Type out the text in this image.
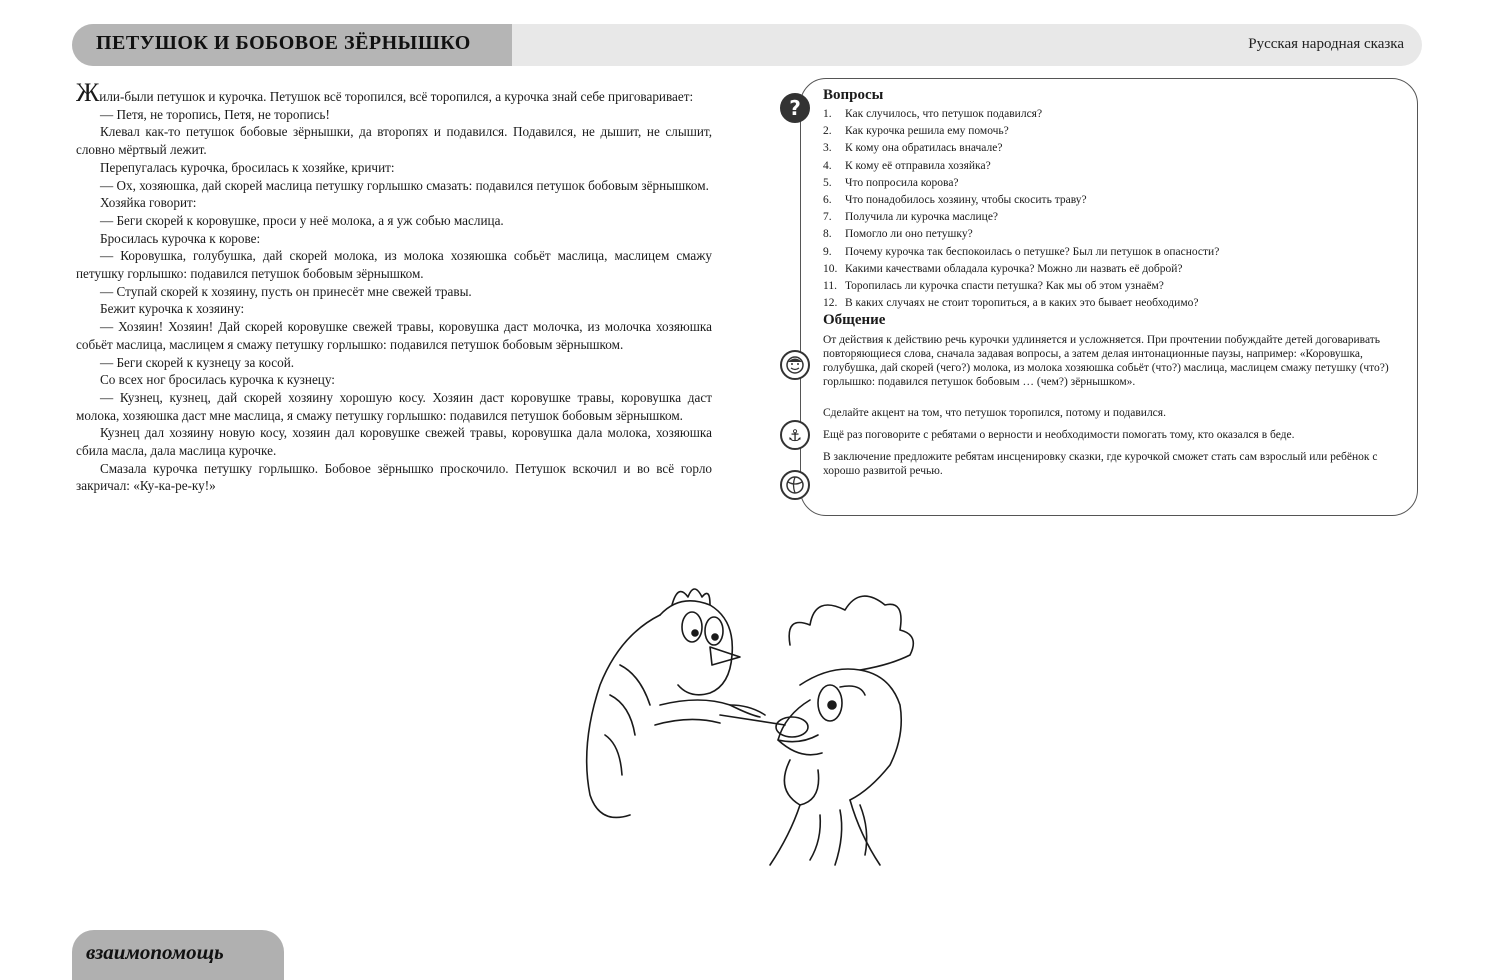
ПЕТУШОК И БОБОВОЕ ЗЁРНЫШКО	Русская народная сказка

Жили-были петушок и курочка. Петушок всё торопился, всё торопился, а курочка знай себе приговаривает:

— Петя, не торопись, Петя, не торопись!

Клевал как-то петушок бобовые зёрнышки, да второпях и подавился. Подавился, не дышит, не слышит, словно мёртвый лежит.

Перепугалась курочка, бросилась к хозяйке, кричит:

— Ох, хозяюшка, дай скорей маслица петушку горлышко смазать: подавился петушок бобовым зёрнышком.

Хозяйка говорит:

— Беги скорей к коровушке, проси у неё молока, а я уж собью маслица.

Бросилась курочка к корове:

— Коровушка, голубушка, дай скорей молока, из молока хозяюшка собьёт маслица, маслицем смажу петушку горлышко: подавился петушок бобовым зёрнышком.

— Ступай скорей к хозяину, пусть он принесёт мне свежей травы.

Бежит курочка к хозяину:

— Хозяин! Хозяин! Дай скорей коровушке свежей травы, коровушка даст молочка, из молочка хозяюшка собьёт маслица, маслицем я смажу петушку горлышко: подавился петушок бобовым зёрнышком.

— Беги скорей к кузнецу за косой.

Со всех ног бросилась курочка к кузнецу:

— Кузнец, кузнец, дай скорей хозяину хорошую косу. Хозяин даст коровушке травы, коровушка даст молока, хозяюшка даст мне маслица, я смажу петушку горлышко: подавился петушок бобовым зёрнышком.

Кузнец дал хозяину новую косу, хозяин дал коровушке свежей травы, коровушка дала молока, хозяюшка сбила масла, дала маслица курочке.

Смазала курочка петушку горлышко. Бобовое зёрнышко проскочило. Петушок вскочил и во всё горло закричал: «Ку-ка-ре-ку!»

Вопросы
1.	Как случилось, что петушок подавился?
2.	Как курочка решила ему помочь?
3.	К кому она обратилась вначале?
4.	К кому её отправила хозяйка?
5.	Что попросила корова?
6.	Что понадобилось хозяину, чтобы скосить траву?
7.	Получила ли курочка маслице?
8.	Помогло ли оно петушку?
9.	Почему курочка так беспокоилась о петушке? Был ли петушок в опасности?
10. Какими качествами обладала курочка? Можно ли назвать её доброй?
11. Торопилась ли курочка спасти петушка? Как мы об этом узнаём?
12. В каких случаях не стоит торопиться, а в каких это бывает необходимо?
Общение

От действия к действию речь курочки удлиняется и усложняется. При прочтении побуждайте детей договаривать повторяющиеся слова, сначала задавая вопросы, а затем делая интонационные паузы, например: «Коровушка, голубушка, дай скорей (чего?) молока, из молока хозяюшка собьёт (что?) маслица, маслицем смажу петушку (что?) горлышко: подавился петушок бобовым … (чем?) зёрнышком».

Сделайте акцент на том, что петушок торопился, потому и подавился.

Ещё раз поговорите с ребятами о верности и необходимости помогать тому, кто оказался в беде.

В заключение предложите ребятам инсценировку сказки, где курочкой сможет стать сам взрослый или ребёнок с хорошо развитой речью.

?
⚓
взаимопомощь
